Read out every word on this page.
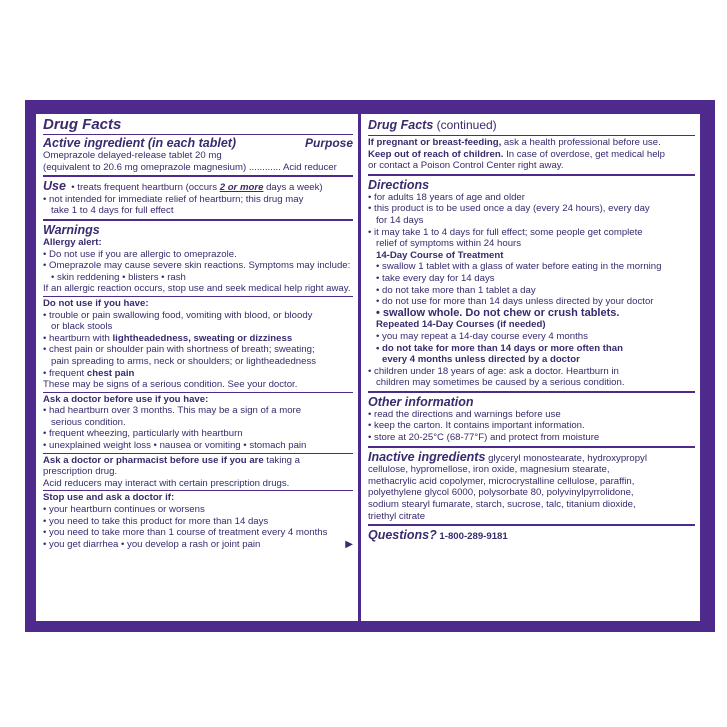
Drug Facts
Active ingredient (in each tablet)	Purpose
Omeprazole delayed-release tablet 20 mg
(equivalent to 20.6 mg omeprazole magnesium) ............ Acid reducer
Use • treats frequent heartburn (occurs 2 or more days a week)
• not intended for immediate relief of heartburn; this drug may
take 1 to 4 days for full effect
Warnings
Allergy alert:
• Do not use if you are allergic to omeprazole.
• Omeprazole may cause severe skin reactions. Symptoms may include:
• skin reddening • blisters • rash
If an allergic reaction occurs, stop use and seek medical help right away.
Do not use if you have:
• trouble or pain swallowing food, vomiting with blood, or bloody
or black stools
• heartburn with lightheadedness, sweating or dizziness
• chest pain or shoulder pain with shortness of breath; sweating;
pain spreading to arms, neck or shoulders; or lightheadedness
• frequent chest pain
These may be signs of a serious condition. See your doctor.
Ask a doctor before use if you have:
• had heartburn over 3 months. This may be a sign of a more
serious condition.
• frequent wheezing, particularly with heartburn
• unexplained weight loss • nausea or vomiting • stomach pain
Ask a doctor or pharmacist before use if you are taking a
prescription drug.
Acid reducers may interact with certain prescription drugs.
Stop use and ask a doctor if:
• your heartburn continues or worsens
• you need to take this product for more than 14 days
• you need to take more than 1 course of treatment every 4 months
• you get diarrhea • you develop a rash or joint pain	▶
Drug Facts (continued)
If pregnant or breast-feeding, ask a health professional before use.
Keep out of reach of children. In case of overdose, get medical help
or contact a Poison Control Center right away.
Directions
• for adults 18 years of age and older
• this product is to be used once a day (every 24 hours), every day
for 14 days
• it may take 1 to 4 days for full effect; some people get complete
relief of symptoms within 24 hours
14-Day Course of Treatment
• swallow 1 tablet with a glass of water before eating in the morning
• take every day for 14 days
• do not take more than 1 tablet a day
• do not use for more than 14 days unless directed by your doctor
• swallow whole. Do not chew or crush tablets.
Repeated 14-Day Courses (if needed)
• you may repeat a 14-day course every 4 months
• do not take for more than 14 days or more often than
every 4 months unless directed by a doctor
• children under 18 years of age: ask a doctor. Heartburn in
children may sometimes be caused by a serious condition.
Other information
• read the directions and warnings before use
• keep the carton. It contains important information.
• store at 20-25°C (68-77°F) and protect from moisture
Inactive ingredients glyceryl monostearate, hydroxypropyl
cellulose, hypromellose, iron oxide, magnesium stearate,
methacrylic acid copolymer, microcrystalline cellulose, paraffin,
polyethylene glycol 6000, polysorbate 80, polyvinylpyrrolidone,
sodium stearyl fumarate, starch, sucrose, talc, titanium dioxide,
triethyl citrate
Questions? 1-800-289-9181
